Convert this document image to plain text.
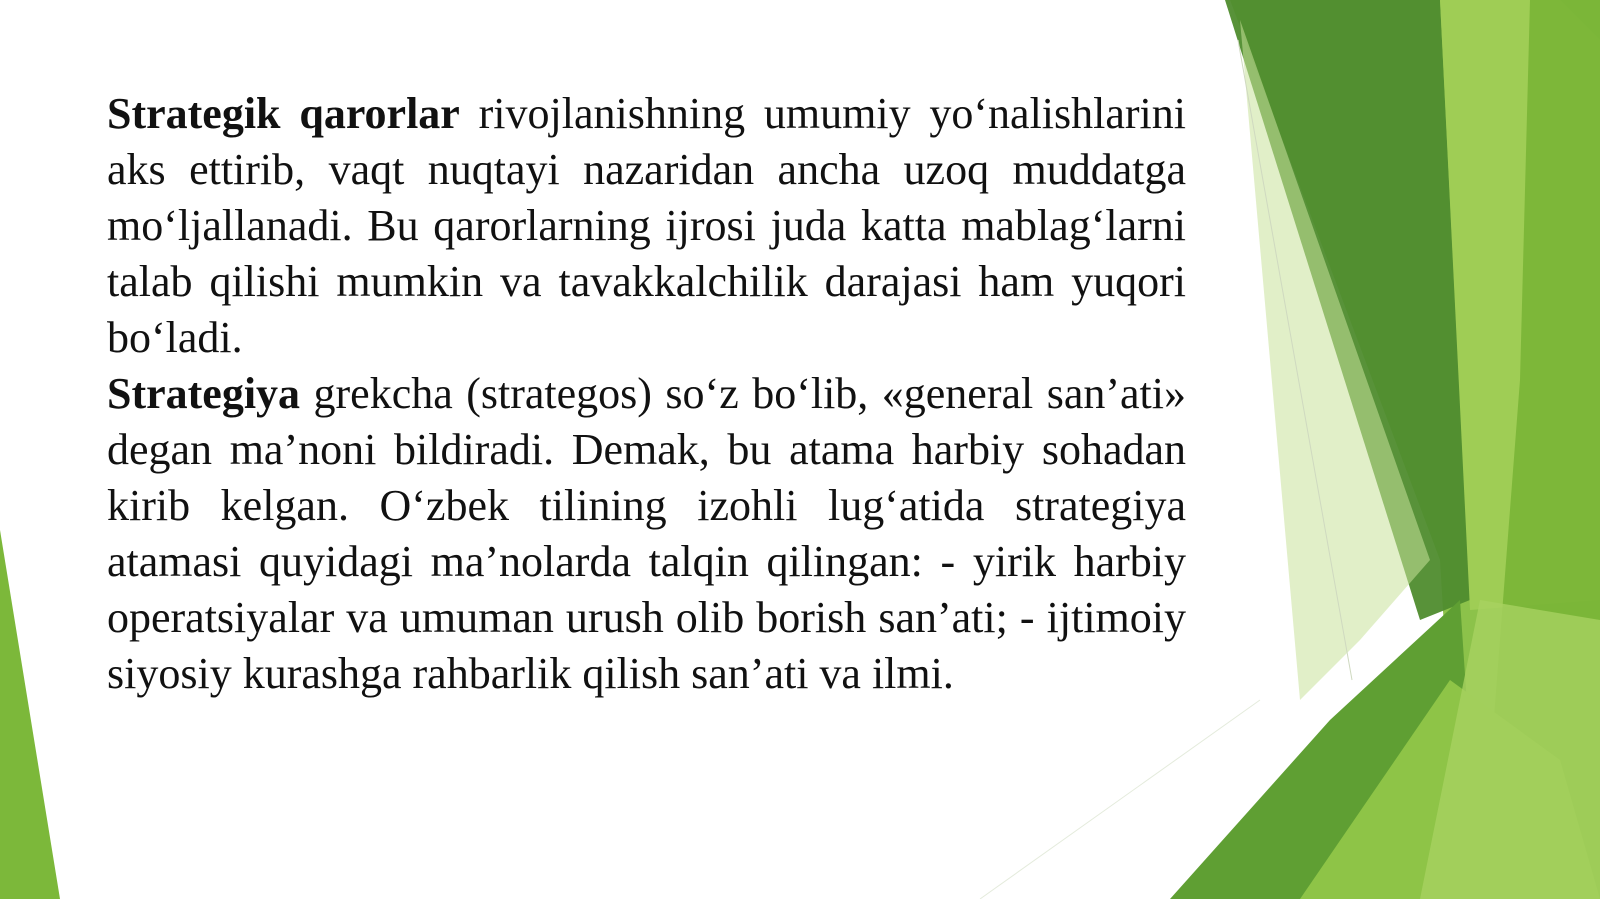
Strategik qarorlar rivojlanishning umumiy yo‘nalishlarini aks ettirib, vaqt nuqtayi nazaridan ancha uzoq muddatga mo‘ljallanadi. Bu qarorlarning ijrosi juda katta mablag‘larni talab qilishi mumkin va tavakkalchilik darajasi ham yuqori bo‘ladi.

Strategiya grekcha (strategos) so‘z bo‘lib, «general san’ati» degan ma’noni bildiradi. Demak, bu atama harbiy sohadan kirib kelgan. O‘zbek tilining izohli lug‘atida strategiya atamasi quyidagi ma’nolarda talqin qilingan: - yirik harbiy operatsiyalar va umuman urush olib borish san’ati; - ijtimoiy siyosiy kurashga rahbarlik qilish san’ati va ilmi.
